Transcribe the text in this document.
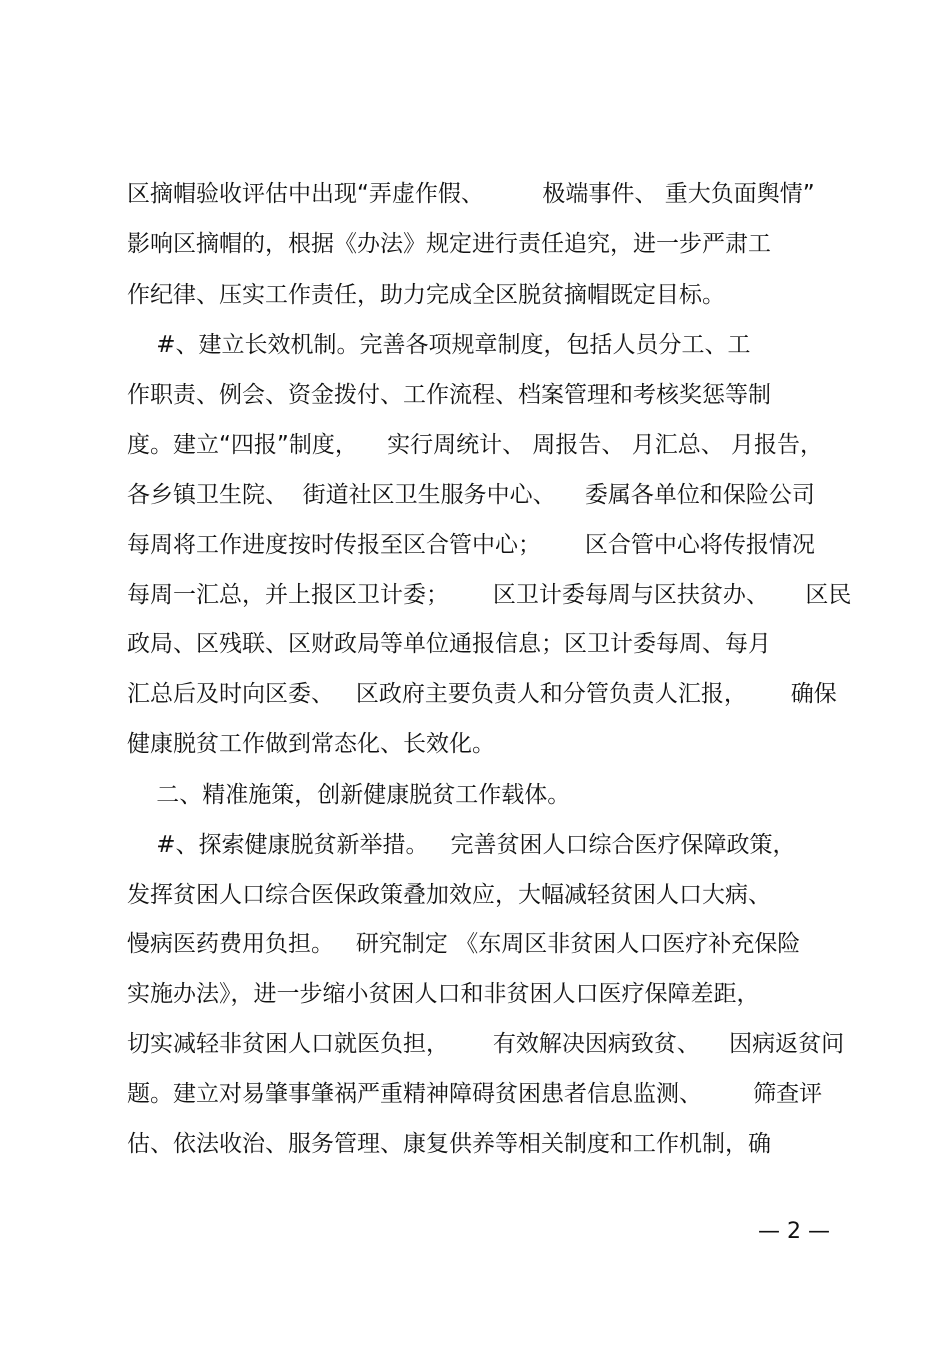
区摘帽验收评估中出现“弄虚作假、        极端事件、 重大负面舆情”
影响区摘帽的，根据《办法》规定进行责任追究，进一步严肃工
作纪律、压实工作责任，助力完成全区脱贫摘帽既定目标。
#、建立长效机制。完善各项规章制度，包括人员分工、工
作职责、例会、资金拨付、工作流程、档案管理和考核奖惩等制
度。建立“四报”制度，    实行周统计、 周报告、 月汇总、 月报告，
各乡镇卫生院、  街道社区卫生服务中心、    委属各单位和保险公司
每周将工作进度按时传报至区合管中心；      区合管中心将传报情况
每周一汇总，并上报区卫计委；      区卫计委每周与区扶贫办、     区民
政局、区残联、区财政局等单位通报信息；区卫计委每周、每月
汇总后及时向区委、   区政府主要负责人和分管负责人汇报，      确保
健康脱贫工作做到常态化、长效化。
二、精准施策，创新健康脱贫工作载体。
#、探索健康脱贫新举措。   完善贫困人口综合医疗保障政策，
发挥贫困人口综合医保政策叠加效应，大幅减轻贫困人口大病、
慢病医药费用负担。   研究制定 《东周区非贫困人口医疗补充保险
实施办法》，进一步缩小贫困人口和非贫困人口医疗保障差距，
切实减轻非贫困人口就医负担，      有效解决因病致贫、    因病返贫问
题。建立对易肇事肇祸严重精神障碍贫困患者信息监测、       筛查评
估、依法收治、服务管理、康复供养等相关制度和工作机制，确
— 2 —
